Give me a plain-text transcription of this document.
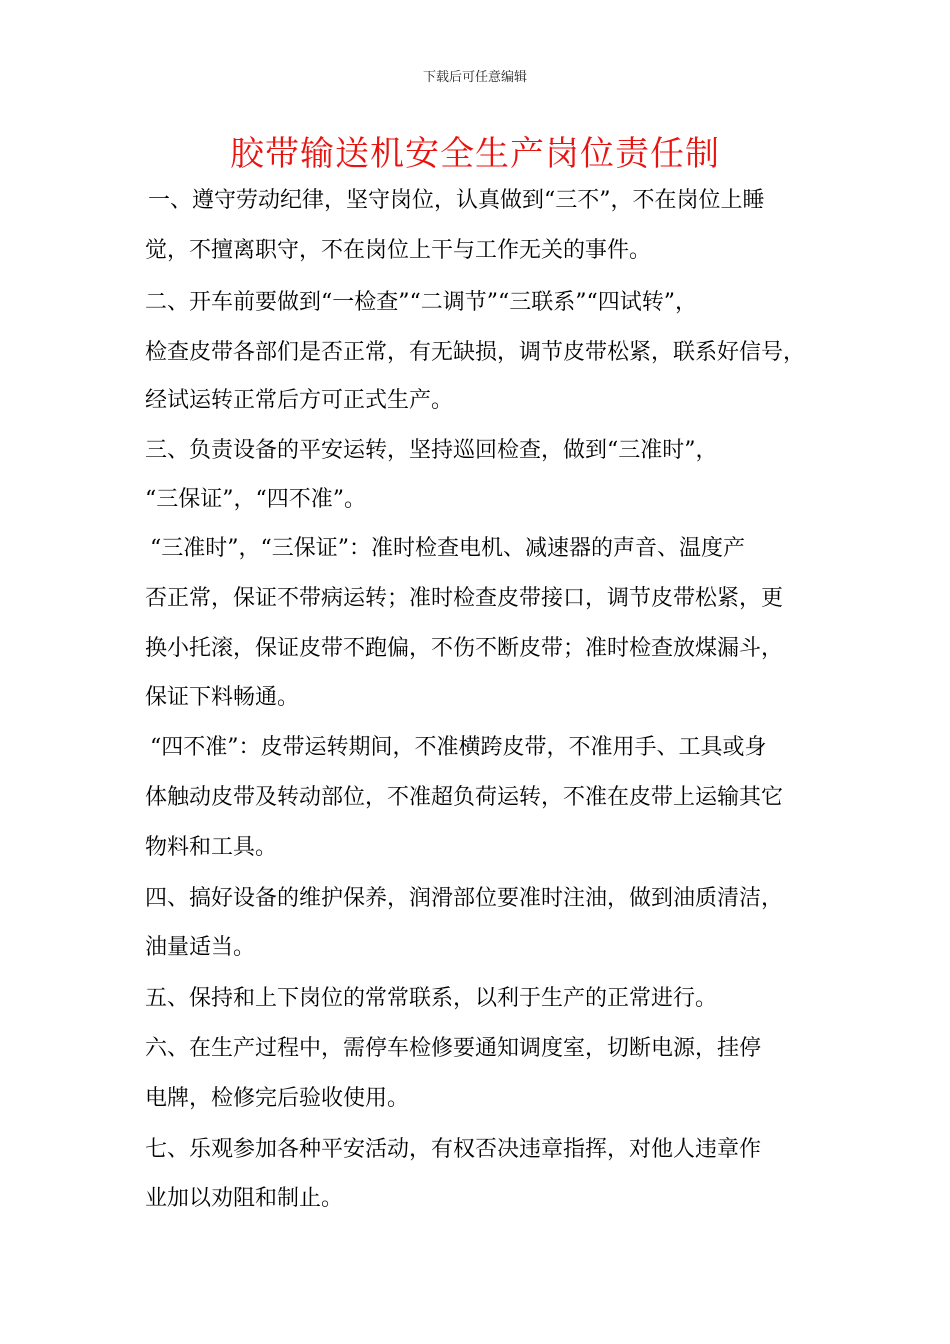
下载后可任意编辑
胶带输送机安全生产岗位责任制
一、遵守劳动纪律，坚守岗位，认真做到“三不”，不在岗位上睡
觉，不擅离职守，不在岗位上干与工作无关的事件。
二、开车前要做到“一检查”“二调节”“三联系”“四试转”，
检查皮带各部们是否正常，有无缺损，调节皮带松紧，联系好信号，
经试运转正常后方可正式生产。
三、负责设备的平安运转，坚持巡回检查，做到“三准时”，
“三保证”，“四不准”。
“三准时”，“三保证”：准时检查电机、减速器的声音、温度产
否正常，保证不带病运转；准时检查皮带接口，调节皮带松紧，更
换小托滚，保证皮带不跑偏，不伤不断皮带；准时检查放煤漏斗，
保证下料畅通。
“四不准”：皮带运转期间，不准横跨皮带，不准用手、工具或身
体触动皮带及转动部位，不准超负荷运转，不准在皮带上运输其它
物料和工具。
四、搞好设备的维护保养，润滑部位要准时注油，做到油质清洁，
油量适当。
五、保持和上下岗位的常常联系，以利于生产的正常进行。
六、在生产过程中，需停车检修要通知调度室，切断电源，挂停
电牌，检修完后验收使用。
七、乐观参加各种平安活动，有权否决违章指挥，对他人违章作
业加以劝阻和制止。
